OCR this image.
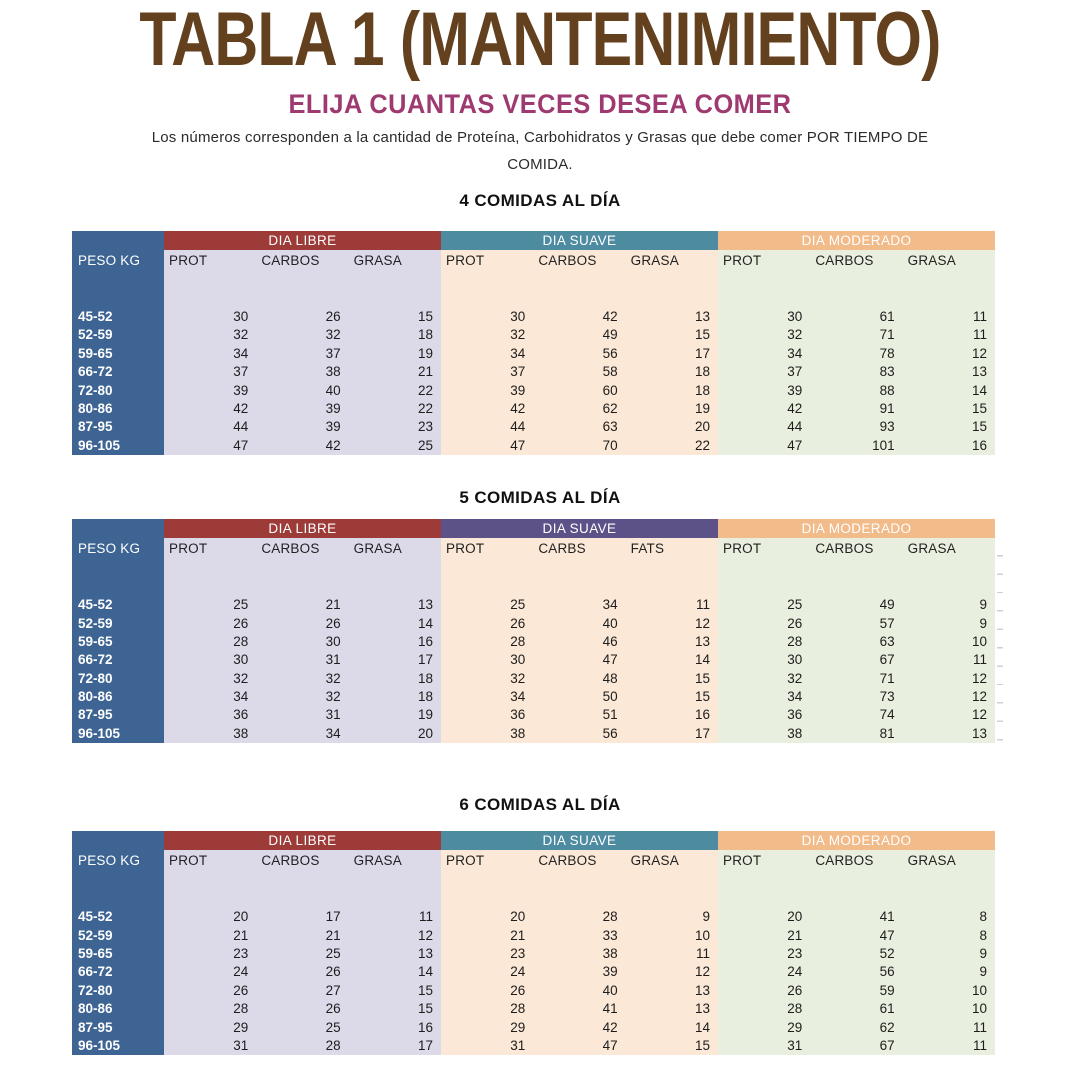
TABLA 1 (MANTENIMIENTO)
ELIJA CUANTAS VECES DESEA COMER

Los números corresponden a la cantidad de Proteína, Carbohidratos y Grasas que debe comer POR TIEMPO DE COMIDA.

4 COMIDAS AL DÍA
DIA LIBRE	DIA SUAVE	DIA MODERADO
PESO KG	PROT	CARBOS	GRASA	PROT	CARBOS	GRASA	PROT	CARBOS	GRASA
45-52	30	26	15	30	42	13	30	61	11
52-59	32	32	18	32	49	15	32	71	11
59-65	34	37	19	34	56	17	34	78	12
66-72	37	38	21	37	58	18	37	83	13
72-80	39	40	22	39	60	18	39	88	14
80-86	42	39	22	42	62	19	42	91	15
87-95	44	39	23	44	63	20	44	93	15
96-105	47	42	25	47	70	22	47	101	16
5 COMIDAS AL DÍA
DIA LIBRE	DIA SUAVE	DIA MODERADO
PESO KG	PROT	CARBOS	GRASA	PROT	CARBS	FATS	PROT	CARBOS	GRASA
45-52	25	21	13	25	34	11	25	49	9
52-59	26	26	14	26	40	12	26	57	9
59-65	28	30	16	28	46	13	28	63	10
66-72	30	31	17	30	47	14	30	67	11
72-80	32	32	18	32	48	15	32	71	12
80-86	34	32	18	34	50	15	34	73	12
87-95	36	31	19	36	51	16	36	74	12
96-105	38	34	20	38	56	17	38	81	13
6 COMIDAS AL DÍA
DIA LIBRE	DIA SUAVE	DIA MODERADO
PESO KG	PROT	CARBOS	GRASA	PROT	CARBOS	GRASA	PROT	CARBOS	GRASA
45-52	20	17	11	20	28	9	20	41	8
52-59	21	21	12	21	33	10	21	47	8
59-65	23	25	13	23	38	11	23	52	9
66-72	24	26	14	24	39	12	24	56	9
72-80	26	27	15	26	40	13	26	59	10
80-86	28	26	15	28	41	13	28	61	10
87-95	29	25	16	29	42	14	29	62	11
96-105	31	28	17	31	47	15	31	67	11
